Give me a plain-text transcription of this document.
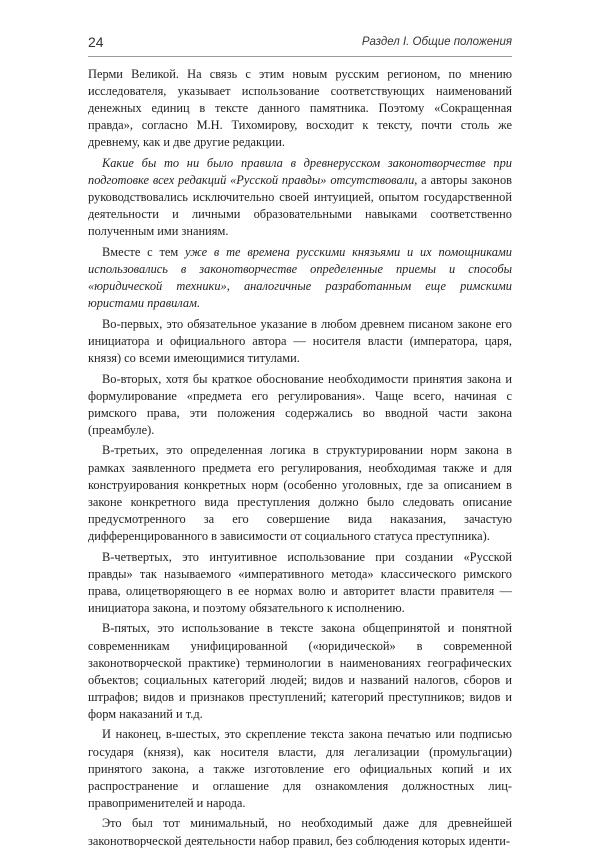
24	Раздел I. Общие положения

Перми Великой. На связь с этим новым русским регионом, по мнению исследователя, указывает использование соответствующих наименований денежных единиц в тексте данного памятника. Поэтому «Сокращенная правда», согласно М.Н. Тихомирову, восходит к тексту, почти столь же древнему, как и две другие редакции.

Какие бы то ни было правила в древнерусском законотворчестве при подготовке всех редакций «Русской правды» отсутствовали, а авторы законов руководствовались исключительно своей интуицией, опытом государственной деятельности и личными образовательными навыками соответственно полученным ими знаниям.

Вместе с тем уже в те времена русскими князьями и их помощниками использовались в законотворчестве определенные приемы и способы «юридической техники», аналогичные разработанным еще римскими юристами правилам.

Во-первых, это обязательное указание в любом древнем писаном законе его инициатора и официального автора — носителя власти (императора, царя, князя) со всеми имеющимися титулами.

Во-вторых, хотя бы краткое обоснование необходимости принятия закона и формулирование «предмета его регулирования». Чаще всего, начиная с римского права, эти положения содержались во вводной части закона (преамбуле).

В-третьих, это определенная логика в структурировании норм закона в рамках заявленного предмета его регулирования, необходимая также и для конструирования конкретных норм (особенно уголовных, где за описанием в законе конкретного вида преступления должно было следовать описание предусмотренного за его совершение вида наказания, зачастую дифференцированного в зависимости от социального статуса преступника).

В-четвертых, это интуитивное использование при создании «Русской правды» так называемого «императивного метода» классического римского права, олицетворяющего в ее нормах волю и авторитет власти правителя — инициатора закона, и поэтому обязательного к исполнению.

В-пятых, это использование в тексте закона общепринятой и понятной современникам унифицированной («юридической» в современной законотворческой практике) терминологии в наименованиях географических объектов; социальных категорий людей; видов и названий налогов, сборов и штрафов; видов и признаков преступлений; категорий преступников; видов и форм наказаний и т.д.

И наконец, в-шестых, это скрепление текста закона печатью или подписью государя (князя), как носителя власти, для легализации (промульгации) принятого закона, а также изготовление его официальных копий и их распространение и оглашение для ознакомления должностных лиц-правоприменителей и народа.

Это был тот минимальный, но необходимый даже для древнейшей законотворческой деятельности набор правил, без соблюдения которых иденти-
